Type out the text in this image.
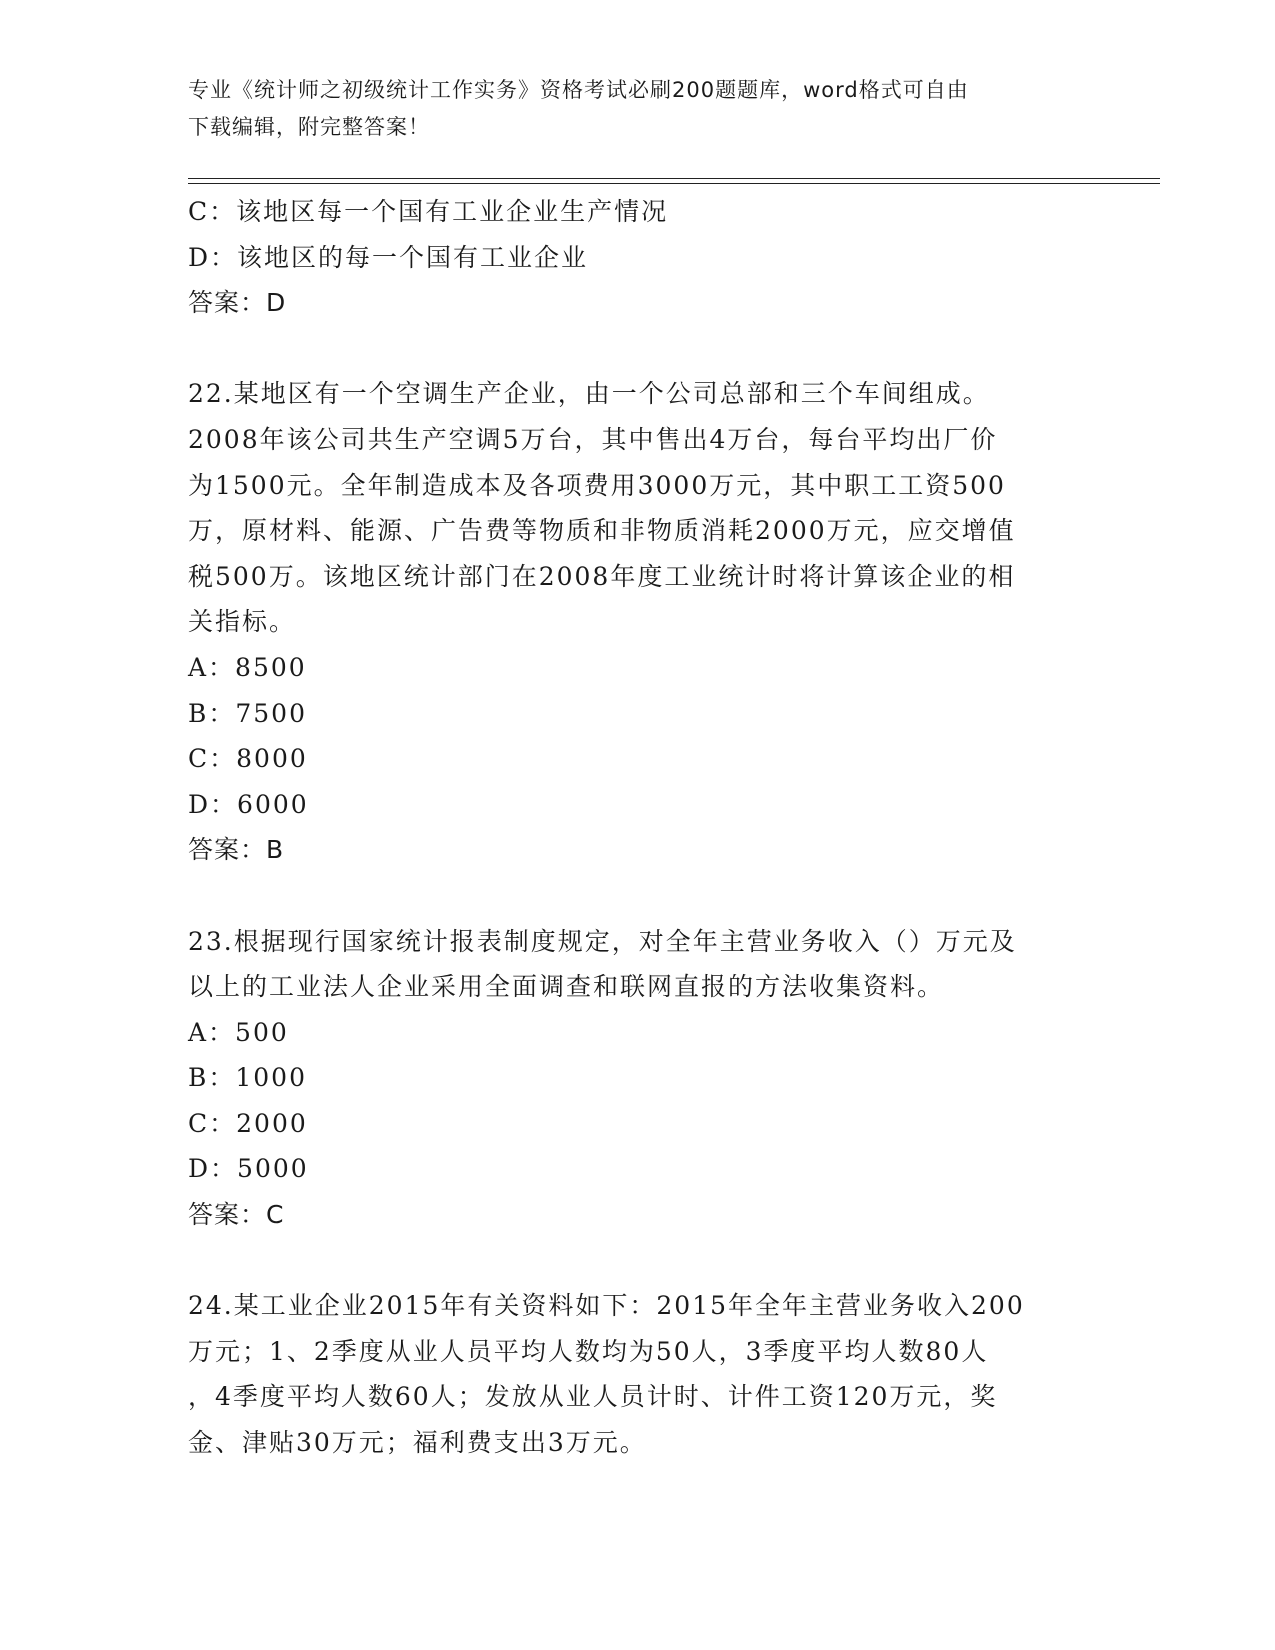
专业《统计师之初级统计工作实务》资格考试必刷200题题库，word格式可自由
下载编辑，附完整答案！
C：该地区每一个国有工业企业生产情况
D：该地区的每一个国有工业企业
答案：D
22.某地区有一个空调生产企业，由一个公司总部和三个车间组成。
2008年该公司共生产空调5万台，其中售出4万台，每台平均出厂价
为1500元。全年制造成本及各项费用3000万元，其中职工工资500
万，原材料、能源、广告费等物质和非物质消耗2000万元，应交增值
税500万。该地区统计部门在2008年度工业统计时将计算该企业的相
关指标。
A：8500
B：7500
C：8000
D：6000
答案：B
23.根据现行国家统计报表制度规定，对全年主营业务收入（）万元及
以上的工业法人企业采用全面调查和联网直报的方法收集资料。
A：500
B：1000
C：2000
D：5000
答案：C
24.某工业企业2015年有关资料如下：2015年全年主营业务收入200
万元；1、2季度从业人员平均人数均为50人，3季度平均人数80人
，4季度平均人数60人；发放从业人员计时、计件工资120万元，奖
金、津贴30万元；福利费支出3万元。
